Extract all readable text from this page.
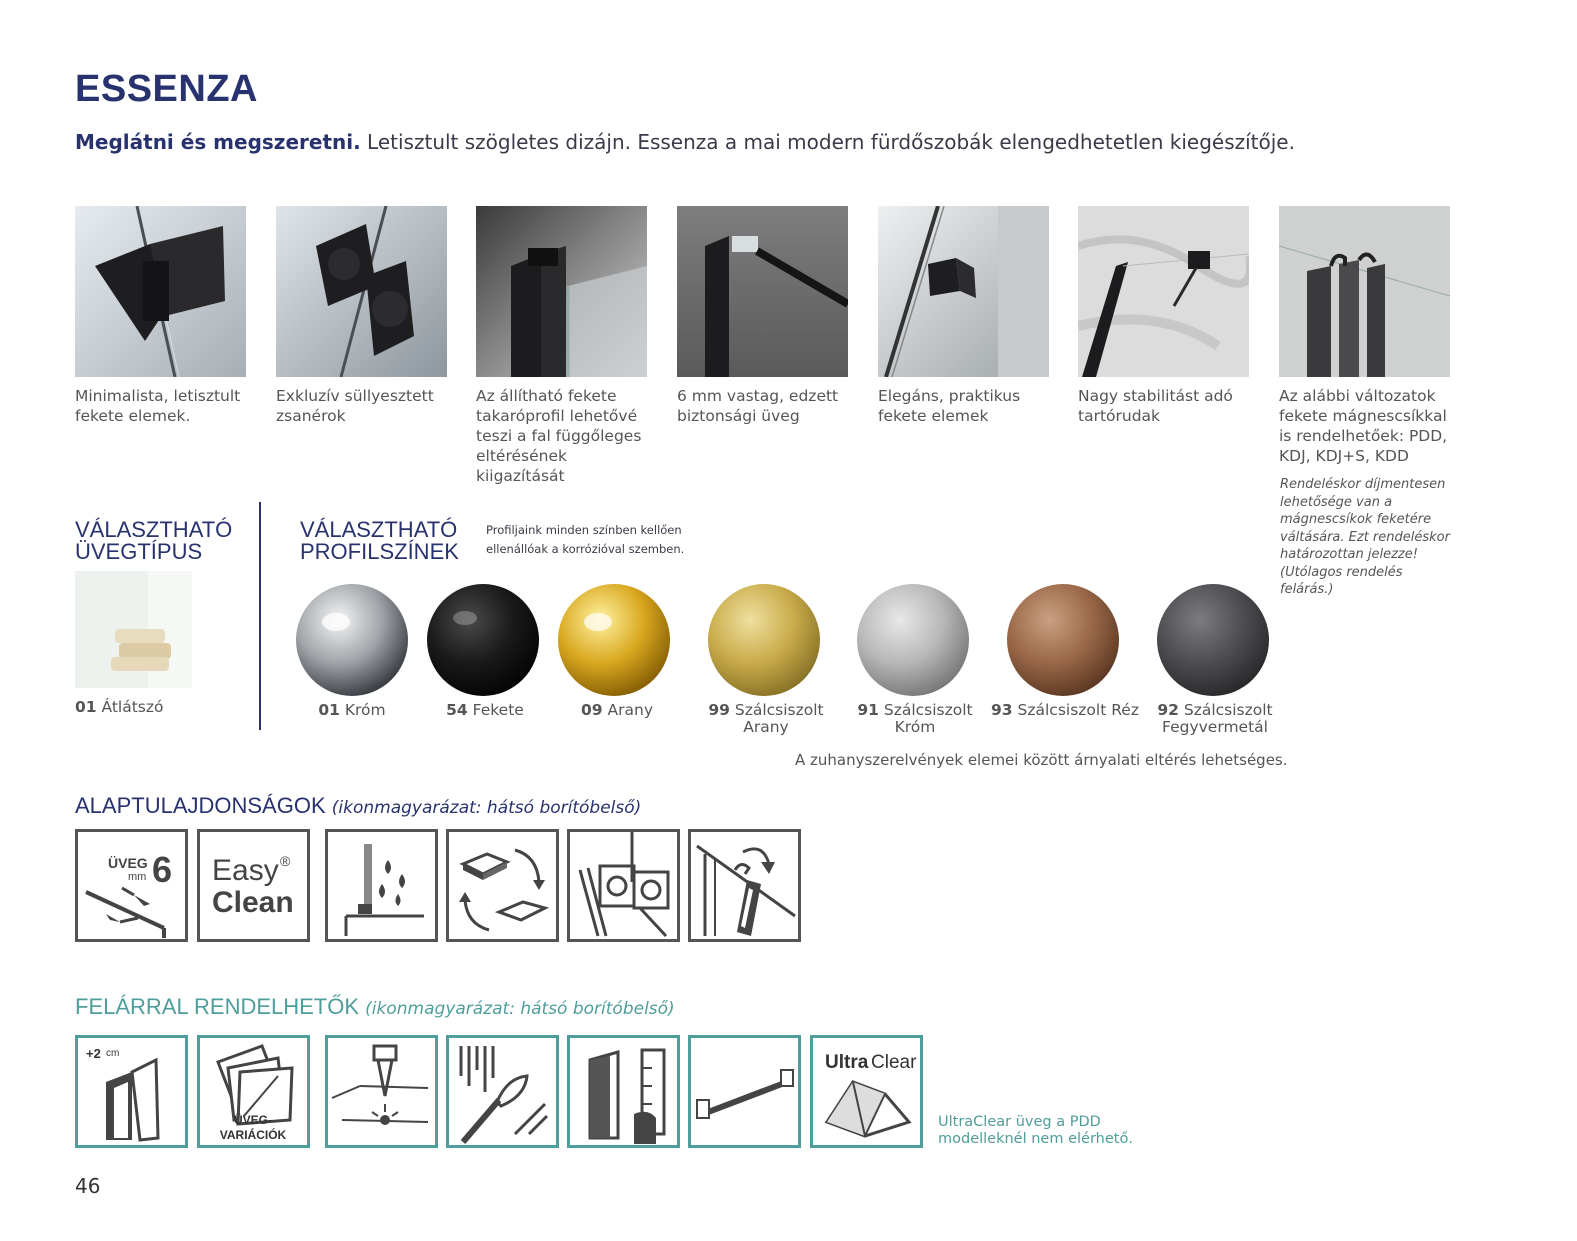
ESSENZA
Meglátni és megszeretni. Letisztult szögletes dizájn. Essenza a mai modern fürdőszobák elengedhetetlen kiegészítője.
Minimalista, letisztult fekete elemek.
Exkluzív süllyesztett zsanérok
Az állítható fekete takaróprofil lehetővé teszi a fal függőleges eltérésének kiigazítását
6 mm vastag, edzett biztonsági üveg
Elegáns, praktikus fekete elemek
Nagy stabilitást adó tartórudak
Az alábbi változatok fekete mágnescsíkkal is rendelhetőek: PDD, KDJ, KDJ+S, KDD
Rendeléskor díjmentesen lehetősége van a mágnescsíkok feketére váltására. Ezt rendeléskor határozottan jelezze! (Utólagos rendelés felárás.)
VÁLASZTHATÓ ÜVEGTÍPUS
01 Átlátszó
VÁLASZTHATÓ PROFILSZÍNEK
Profiljaink minden színben kellően ellenállóak a korrózióval szemben.
01 Króm	54 Fekete	09 Arany	99 Szálcsiszolt Arany
91 Szálcsiszolt Króm
93 Szálcsiszolt Réz	92 Szálcsiszolt Fegyvermetál
A zuhanyszerelvények elemei között árnyalati eltérés lehetséges.
ALAPTULAJDONSÁGOK (ikonmagyarázat: hátsó borítóbelső)
ÜVEG
mm 6 Easy ®
Clean
FELÁRRAL RENDELHETŐK (ikonmagyarázat: hátsó borítóbelső)
+2 cm
ÜVEG-
VARIÁCIÓK
Ultra Clear
UltraClear üveg a PDD modelleknél nem elérhető.
46
